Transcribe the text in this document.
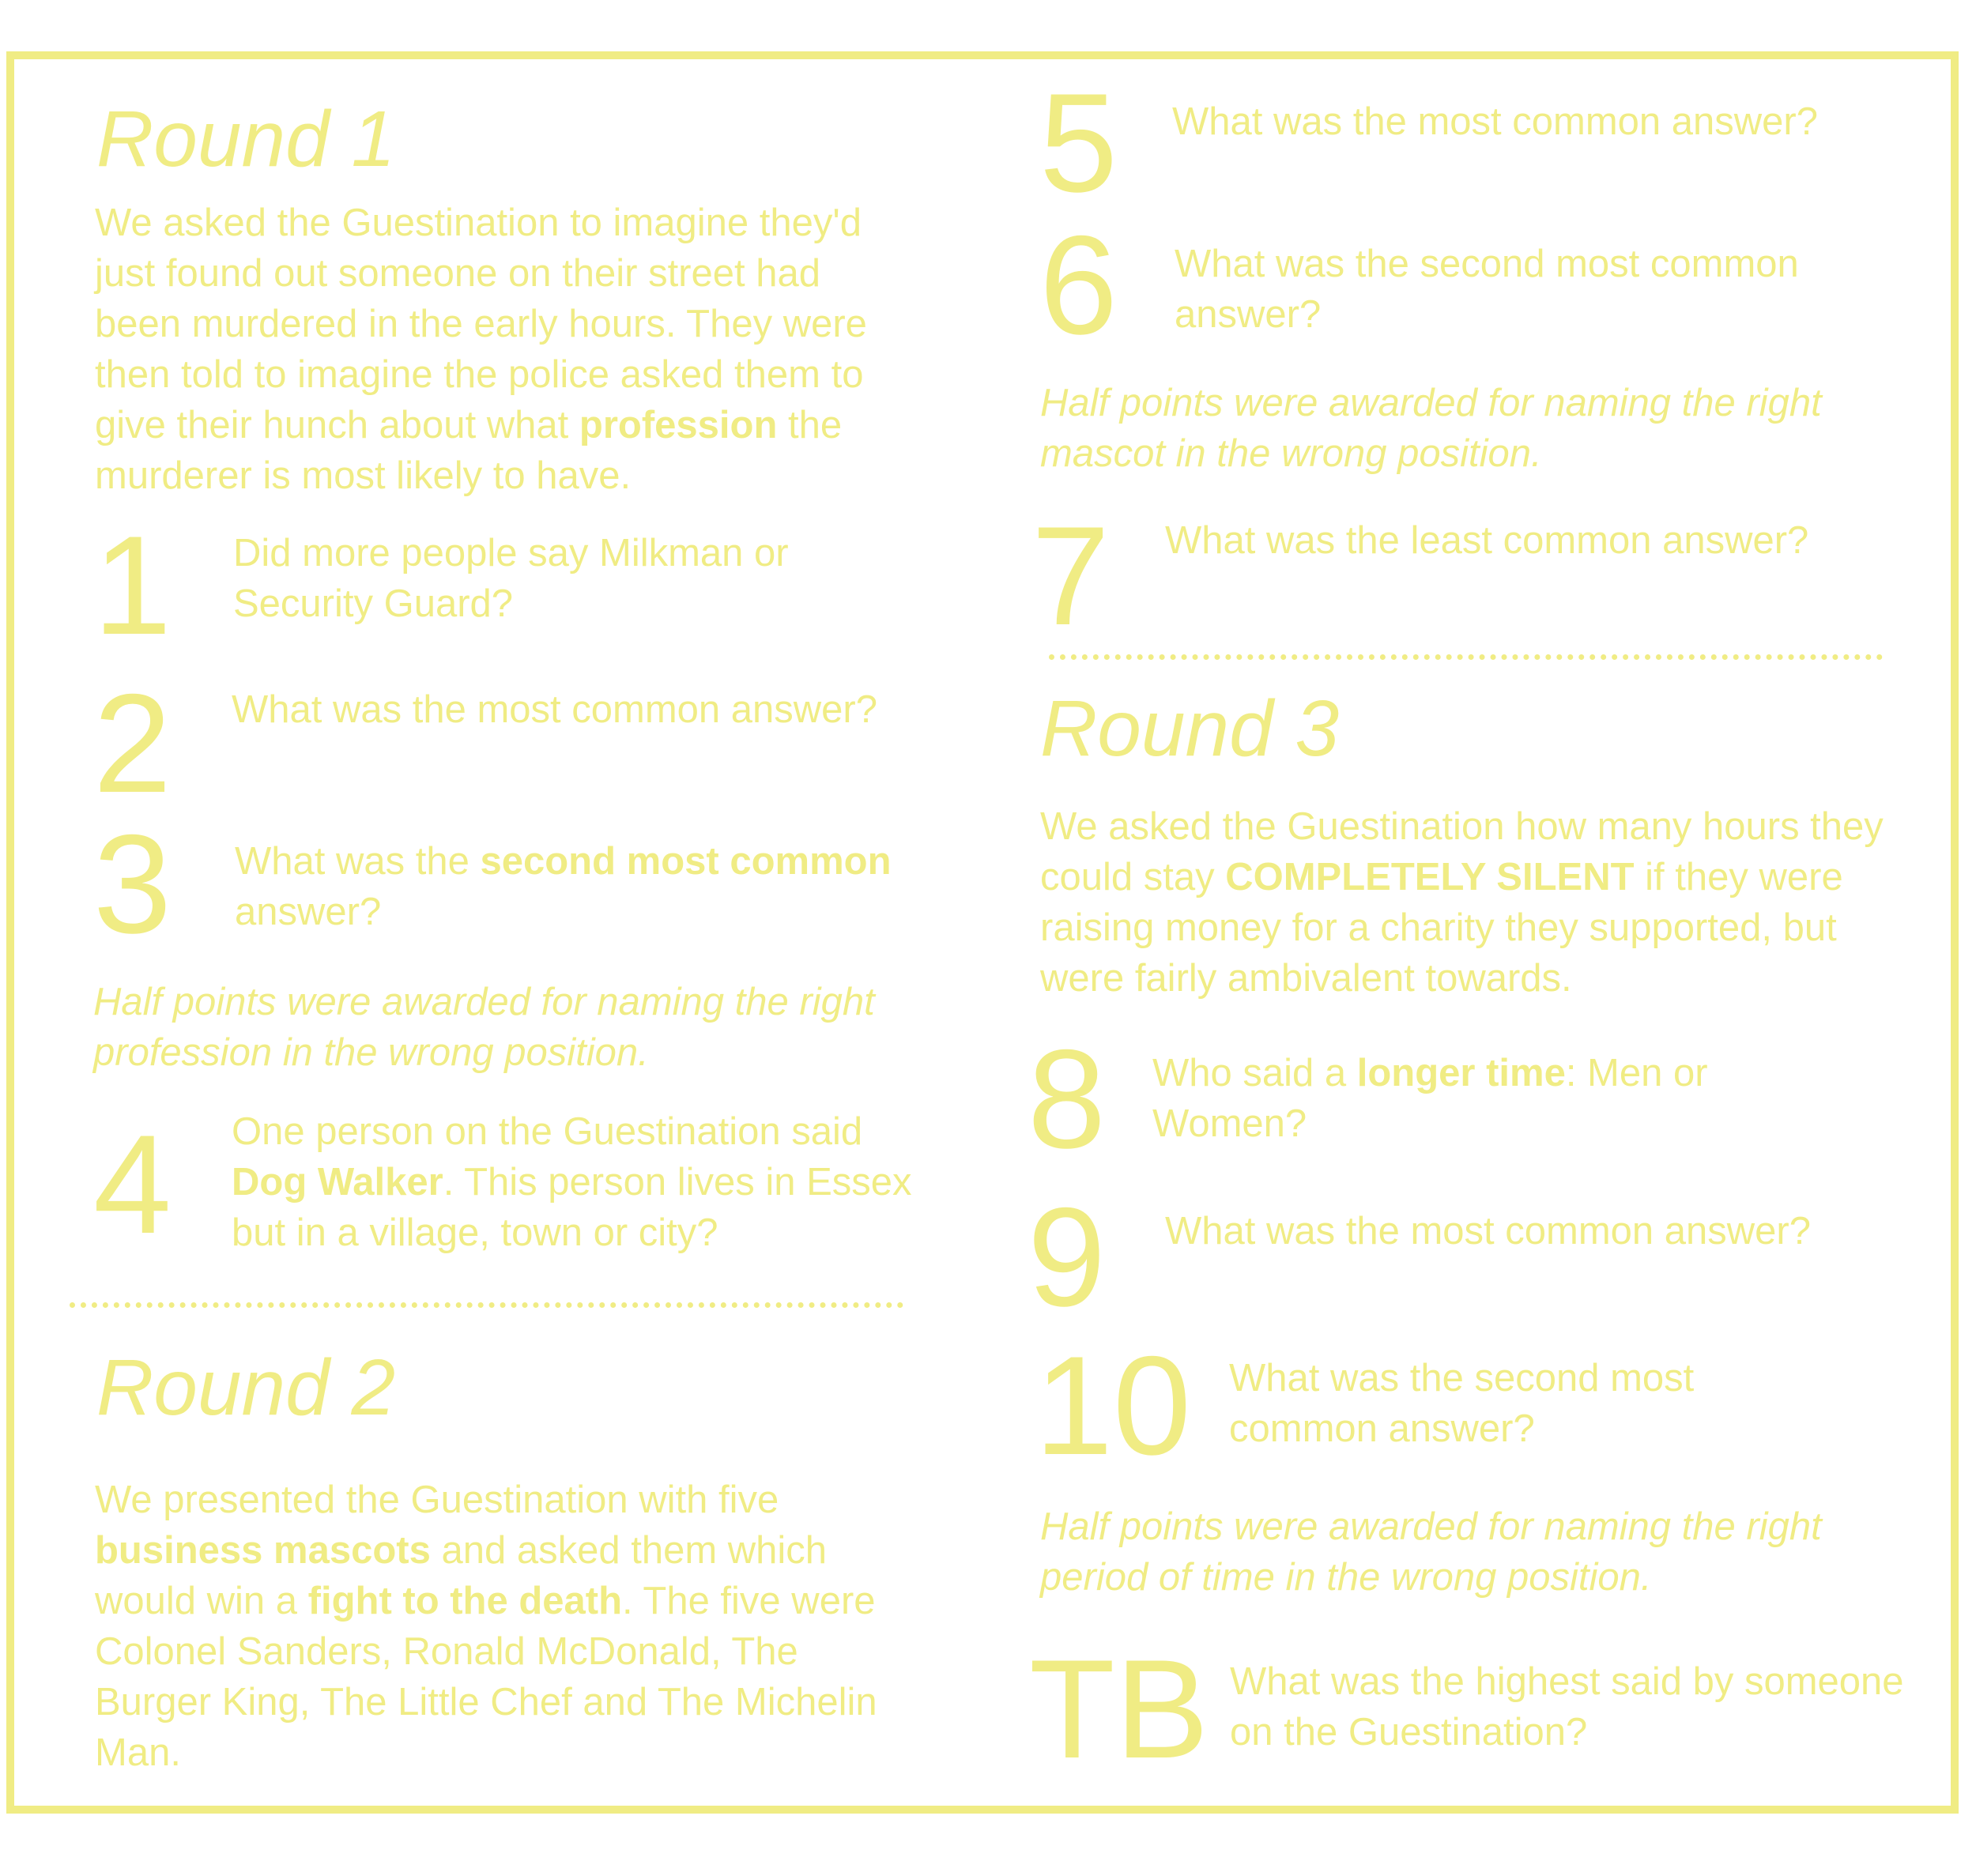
Round 1
We asked the Guestination to imagine they'd just found out someone on their street had been murdered in the early hours. They were then told to imagine the police asked them to give their hunch about what profession the murderer is most likely to have.
1 Did more people say Milkman or Security Guard?
2 What was the most common answer?
3 What was the second most common answer?
Half points were awarded for naming the right profession in the wrong position.
4 One person on the Guestination said Dog Walker. This person lives in Essex but in a village, town or city?
Round 2
We presented the Guestination with five business mascots and asked them which would win a fight to the death. The five were Colonel Sanders, Ronald McDonald, The Burger King, The Little Chef and The Michelin Man.
5 What was the most common answer?
6 What was the second most common answer?
Half points were awarded for naming the right mascot in the wrong position.
7 What was the least common answer?
Round 3
We asked the Guestination how many hours they could stay COMPLETELY SILENT if they were raising money for a charity they supported, but were fairly ambivalent towards.
8 Who said a longer time: Men or Women?
9 What was the most common answer?
10 What was the second most common answer?
Half points were awarded for naming the right period of time in the wrong position.
TB What was the highest said by someone on the Guestination?
